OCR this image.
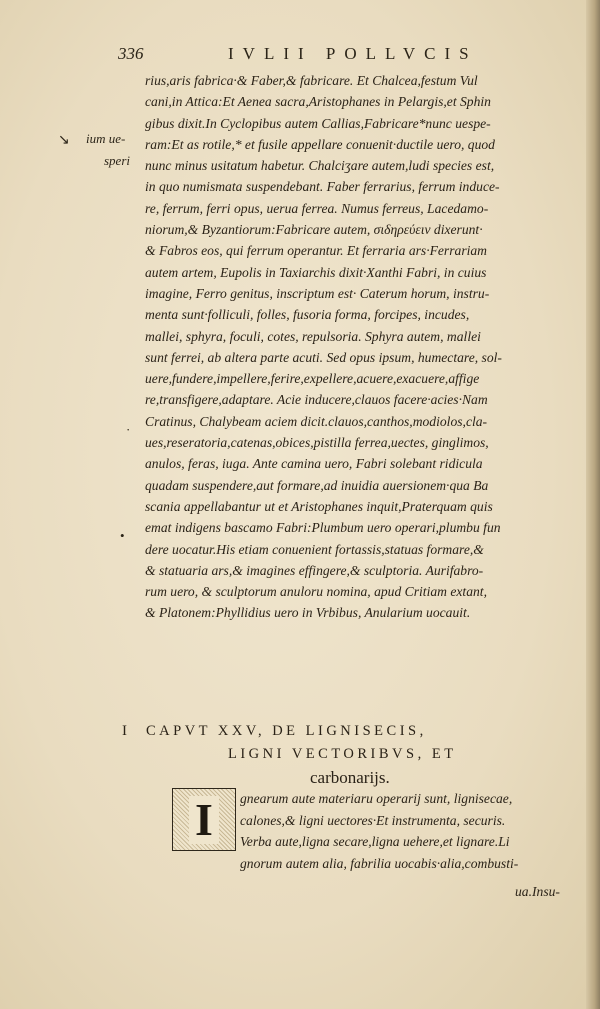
336	IVLII POLLVCIS
↘ ium ue-
speri
·
•
rius,aris fabrica·& Faber,& fabricare. Et Chalcea,festum Vul
cani,in Attica:Et Aenea sacra,Aristophanes in Pelargis,et Sphin
gibus dixit.In Cyclopibus autem Callias,Fabricare*nunc uespe-
ram:Et as rotile,* et fusile appellare conuenit·ductile uero, quod
nunc minus usitatum habetur. Chalciʒare autem,ludi species est,
in quo numismata suspendebant. Faber ferrarius, ferrum induce-
re, ferrum, ferri opus, uerua ferrea. Numus ferreus, Lacedamo-
niorum,& Byzantiorum:Fabricare autem, σιδηρεύειν dixerunt·
& Fabros eos, qui ferrum operantur. Et ferraria ars·Ferrariam
autem artem, Eupolis in Taxiarchis dixit·Xanthi Fabri, in cuius
imagine, Ferro genitus, inscriptum est· Caterum horum, instru-
menta sunt·folliculi, folles, fusoria forma, forcipes, incudes,
mallei, sphyra, foculi, cotes, repulsoria. Sphyra autem, mallei
sunt ferrei, ab altera parte acuti. Sed opus ipsum, humectare, sol-
uere,fundere,impellere,ferire,expellere,acuere,exacuere,affige
re,transfigere,adaptare. Acie inducere,clauos facere·acies·Nam
Cratinus, Chalybeam aciem dicit.clauos,canthos,modiolos,cla-
ues,reseratoria,catenas,obices,pistilla ferrea,uectes, ginglimos,
anulos, feras, iuga. Ante camina uero, Fabri solebant ridicula
quadam suspendere,aut formare,ad inuidia auersionem·qua Ba
scania appellabantur ut et Aristophanes inquit,Praterquam quis
emat indigens bascamo Fabri:Plumbum uero operari,plumbu fun
dere uocatur.His etiam conuenient fortassis,statuas formare,&
& statuaria ars,& imagines effingere,& sculptoria. Aurifabro-
rum uero, & sculptorum anuloru nomina, apud Critiam extant,
& Platonem:Phyllidius uero in Vrbibus, Anularium uocauit.
I CAPVT XXV, DE LIGNISECIS,
LIGNI VECTORIBVS, ET
carbonarijs.
I	gnearum aute materiaru operarij sunt, lignisecae,
calones,& ligni uectores·Et instrumenta, securis.
Verba aute,ligna secare,ligna uehere,et lignare.Li
gnorum autem alia, fabrilia uocabis·alia,combusti-
ua.Insu-
